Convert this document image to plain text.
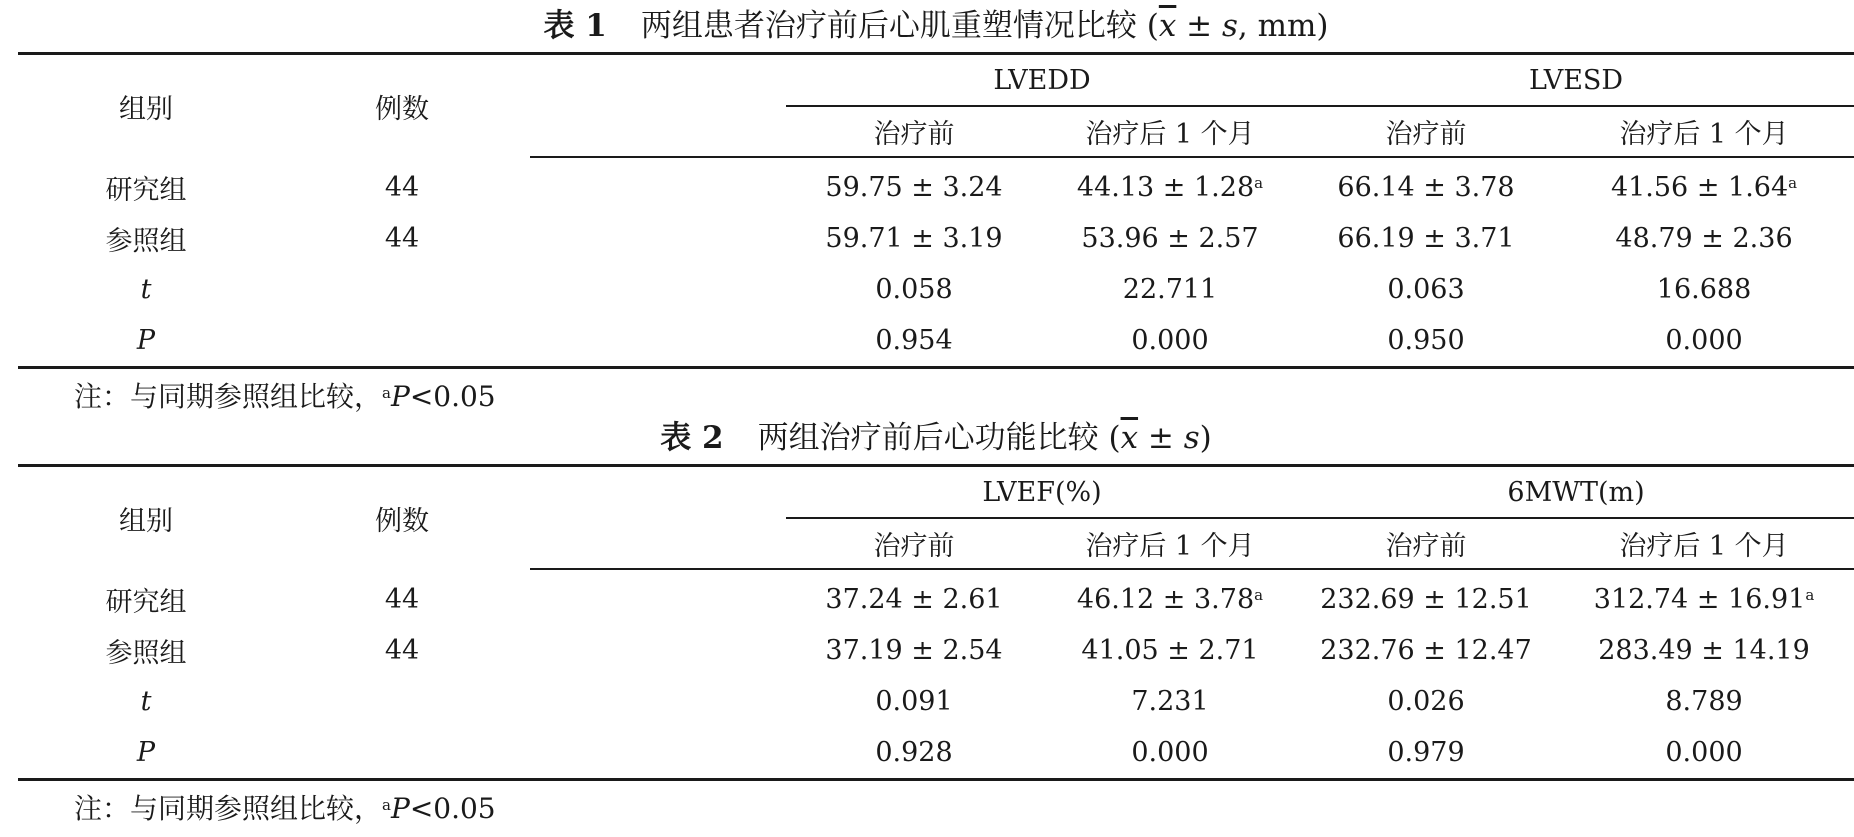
表 1 两组患者治疗前后心肌重塑情况比较 ($\overline{x} \pm s$, mm)
组别	例数		LVEDD		LVESD	
			治疗前	治疗后 1 个月	治疗前	治疗后 1 个月
研究组	44		59.75 ± 3.24	44.13 ± 1.28$^a$	66.14 ± 3.78	41.56 ± 1.64$^a$
参照组	44		59.71 ± 3.19	53.96 ± 2.57	66.19 ± 3.71	48.79 ± 2.36
t			0.058	22.711	0.063	16.688
P			0.954	0.000	0.950	0.000
注：与同期参照组比较，$^a$P<0.05
表 2 两组治疗前后心功能比较 $(\overline{x} \pm s)$
组别	例数		LVEF(%)		6MWT(m)	
			治疗前	治疗后 1 个月	治疗前	治疗后 1 个月
研究组	44		37.24 ± 2.61	46.12 ± 3.78$^a$	232.69 ± 12.51	312.74 ± 16.91$^a$
参照组	44		37.19 ± 2.54	41.05 ± 2.71	232.76 ± 12.47	283.49 ± 14.19
t			0.091	7.231	0.026	8.789
P			0.928	0.000	0.979	0.000
注：与同期参照组比较，$^a$P<0.05
